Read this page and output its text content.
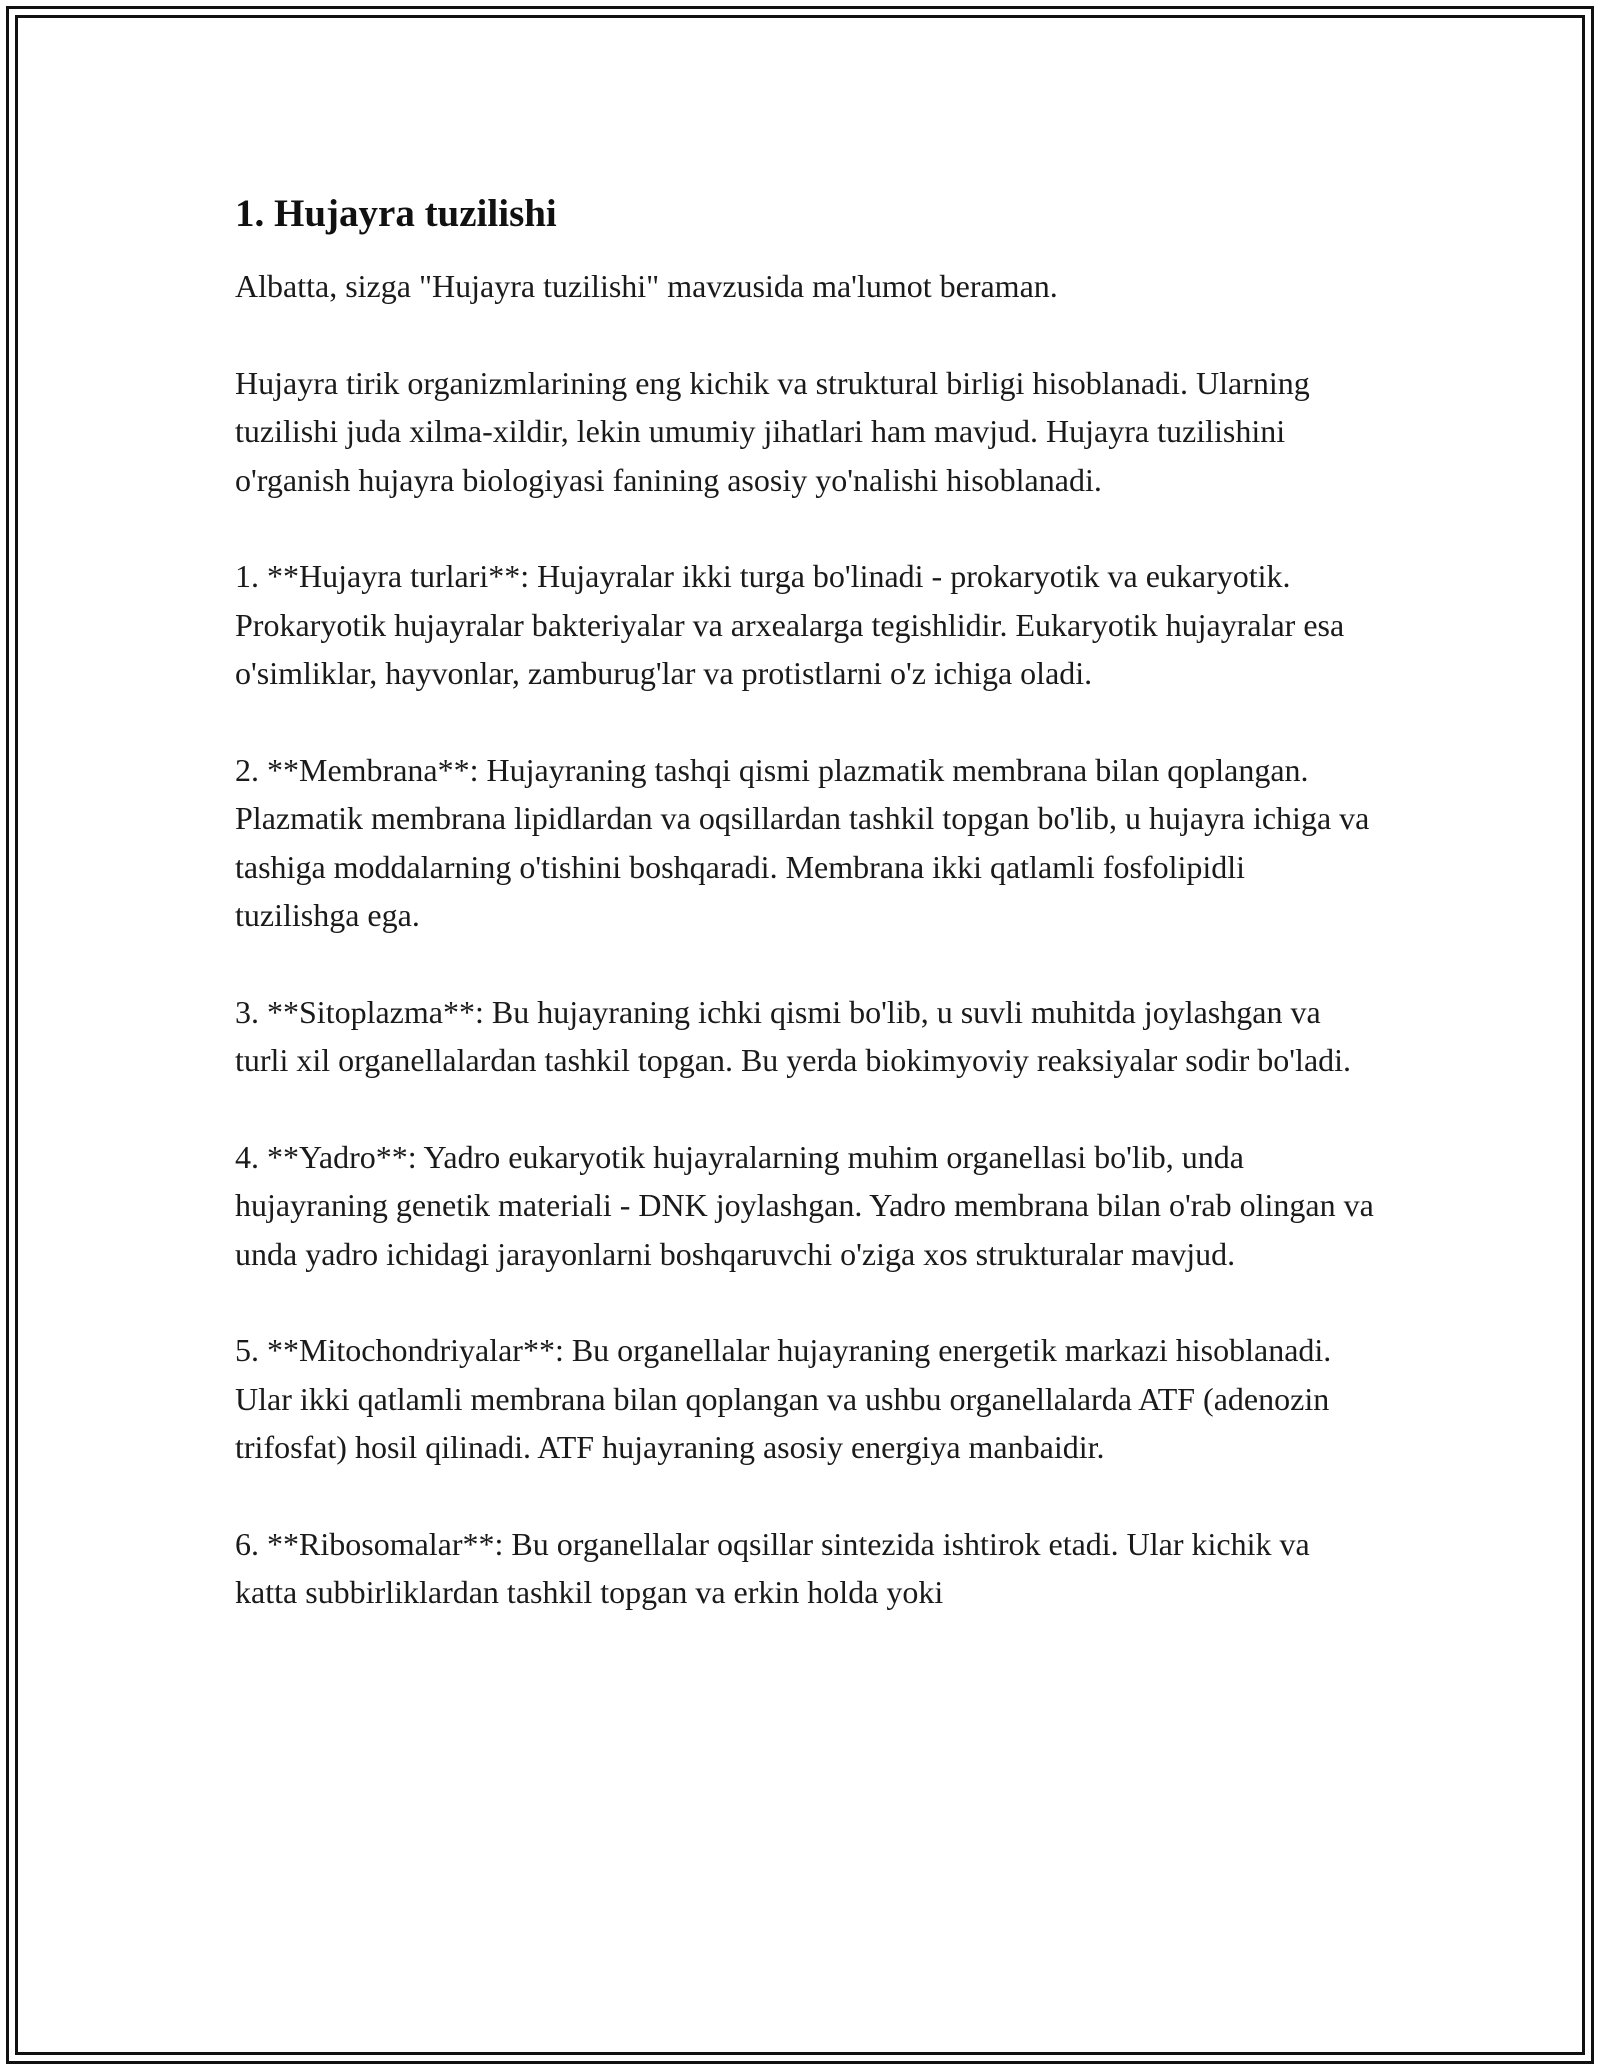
1. Hujayra tuzilishi

Albatta, sizga "Hujayra tuzilishi" mavzusida ma'lumot beraman.

Hujayra tirik organizmlarining eng kichik va struktural birligi hisoblanadi. Ularning tuzilishi juda xilma-xildir, lekin umumiy jihatlari ham mavjud. Hujayra tuzilishini o'rganish hujayra biologiyasi fanining asosiy yo'nalishi hisoblanadi.

1. **Hujayra turlari**: Hujayralar ikki turga bo'linadi - prokaryotik va eukaryotik. Prokaryotik hujayralar bakteriyalar va arxealarga tegishlidir. Eukaryotik hujayralar esa o'simliklar, hayvonlar, zamburug'lar va protistlarni o'z ichiga oladi.

2. **Membrana**: Hujayraning tashqi qismi plazmatik membrana bilan qoplangan. Plazmatik membrana lipidlardan va oqsillardan tashkil topgan bo'lib, u hujayra ichiga va tashiga moddalarning o'tishini boshqaradi. Membrana ikki qatlamli fosfolipidli tuzilishga ega.

3. **Sitoplazma**: Bu hujayraning ichki qismi bo'lib, u suvli muhitda joylashgan va turli xil organellalardan tashkil topgan. Bu yerda biokimyoviy reaksiyalar sodir bo'ladi.

4. **Yadro**: Yadro eukaryotik hujayralarning muhim organellasi bo'lib, unda hujayraning genetik materiali - DNK joylashgan. Yadro membrana bilan o'rab olingan va unda yadro ichidagi jarayonlarni boshqaruvchi o'ziga xos strukturalar mavjud.

5. **Mitochondriyalar**: Bu organellalar hujayraning energetik markazi hisoblanadi. Ular ikki qatlamli membrana bilan qoplangan va ushbu organellalarda ATF (adenozin trifosfat) hosil qilinadi. ATF hujayraning asosiy energiya manbaidir.

6. **Ribosomalar**: Bu organellalar oqsillar sintezida ishtirok etadi. Ular kichik va katta subbirliklardan tashkil topgan va erkin holda yoki
